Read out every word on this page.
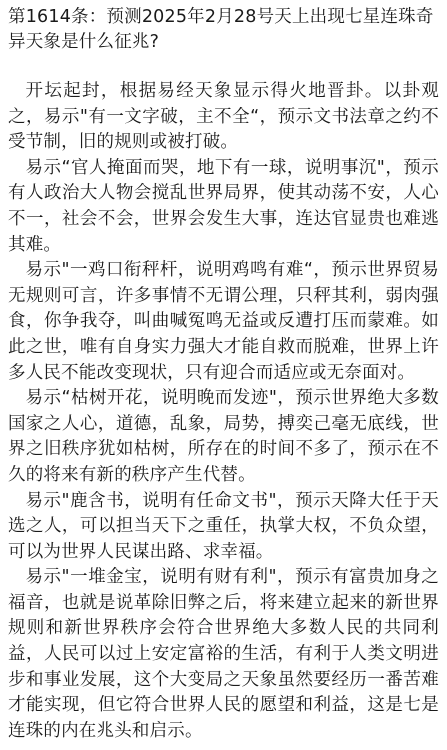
第1614条：预测2025年2月28号天上出现七星连珠奇异天象是什么征兆?

开坛起封，根据易经天象显示得火地晋卦。以卦观之，易示"有一文字破，主不全“，预示文书法章之约不受节制，旧的规则或被打破。

易示“官人掩面而哭，地下有一球，说明事沉"，预示有人政治大人物会搅乱世界局界，使其动荡不安，人心不一，社会不会，世界会发生大事，连达官显贵也难逃其难。

易示"一鸡口衔秤杆，说明鸡鸣有难“，预示世界贸易无规则可言，许多事情不无谓公理，只秤其利，弱肉强食，你争我夺，叫曲喊冤鸣无益或反遭打压而蒙难。如此之世，唯有自身实力强大才能自救而脱难，世界上许多人民不能改变现状，只有迎合而适应或无奈面对。

易示“枯树开花，说明晚而发迹"，预示世界绝大多数国家之人心，道德，乱象，局势，搏奕己毫无底线，世界之旧秩序犹如枯树，所存在的时间不多了，预示在不久的将来有新的秩序产生代替。

易示"鹿含书，说明有任命文书"，预示天降大任于天选之人，可以担当天下之重任，执掌大权，不负众望，可以为世界人民谋出路、求幸福。

易示"一堆金宝，说明有财有利"，预示有富贵加身之福音，也就是说革除旧弊之后，将来建立起来的新世界规则和新世界秩序会符合世界绝大多数人民的共同利益，人民可以过上安定富裕的生活，有利于人类文明进步和事业发展，这个大变局之天象虽然要经历一番苦难才能实现，但它符合世界人民的愿望和利益，这是七是连珠的内在兆头和启示。
